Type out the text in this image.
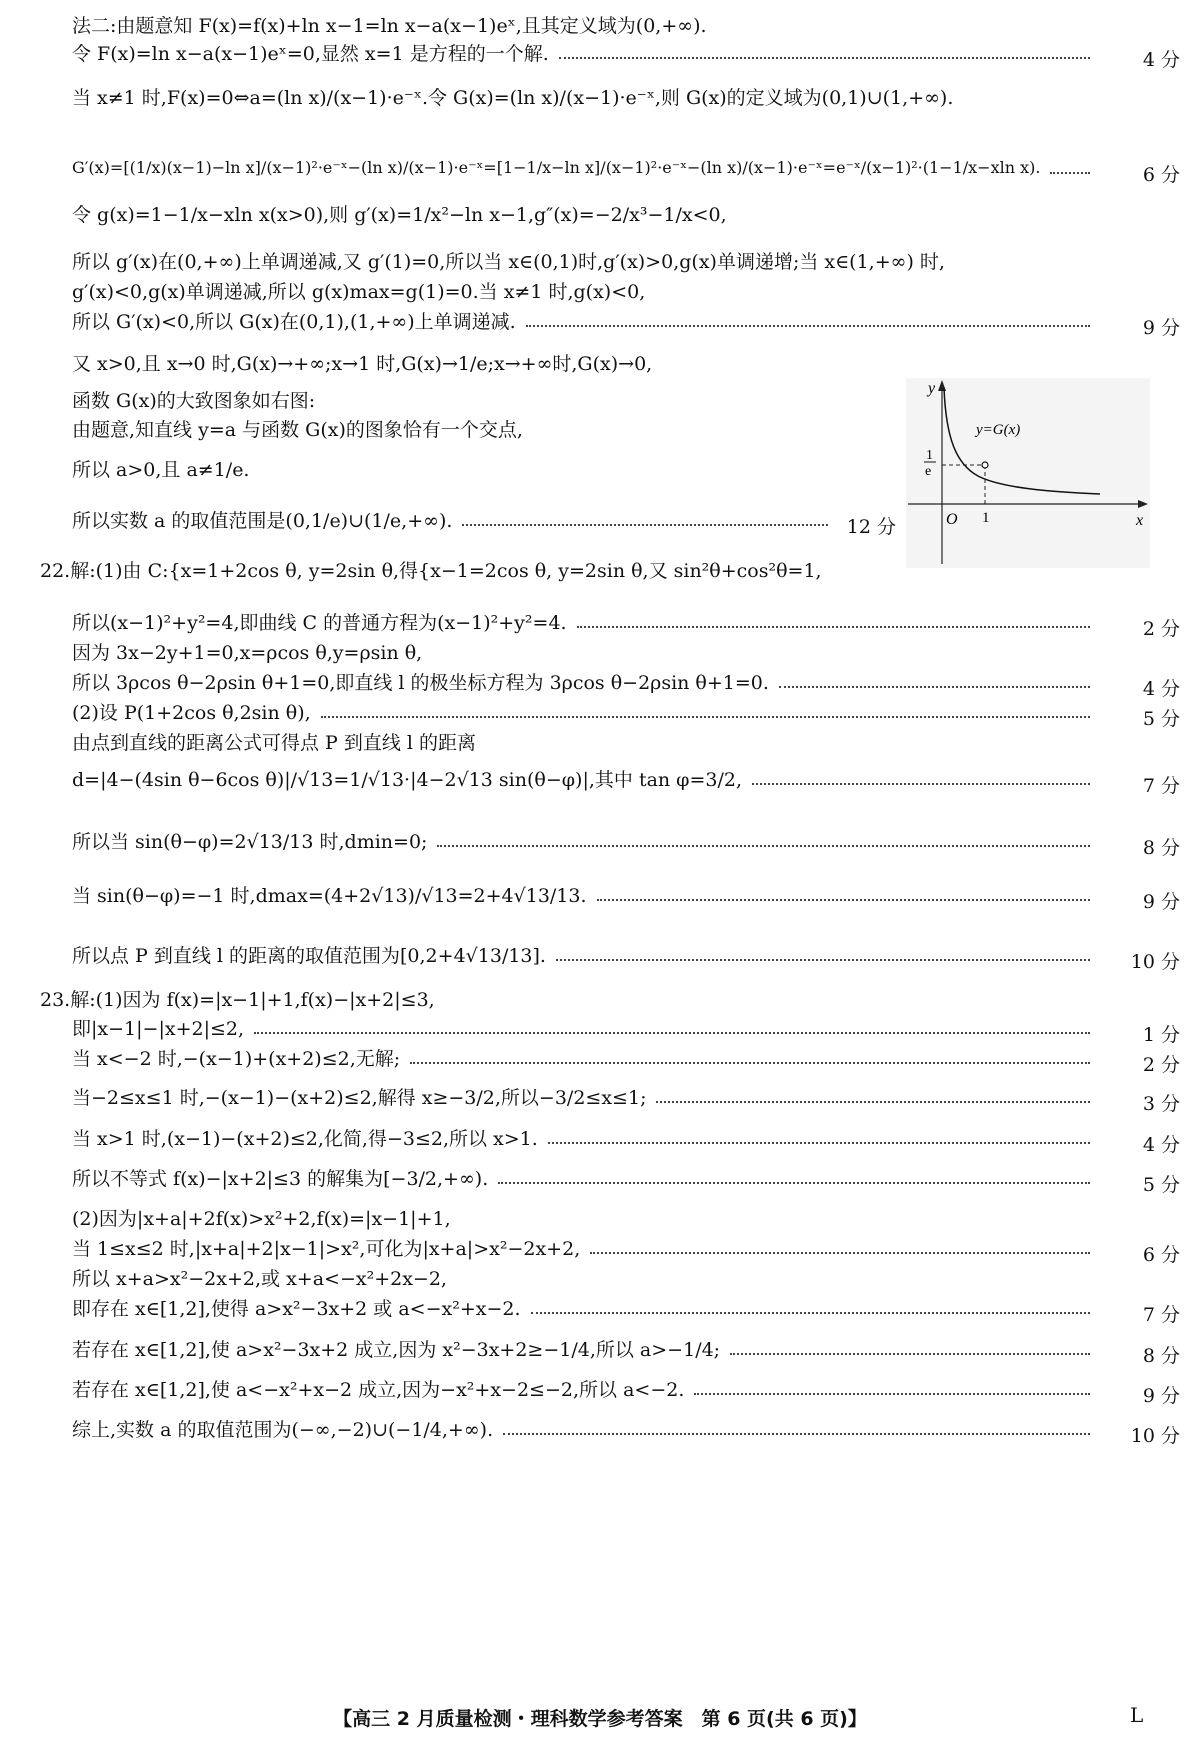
法二:由题意知 F(x)=f(x)+ln x−1=ln x−a(x−1)eˣ,且其定义域为(0,+∞).
令 F(x)=ln x−a(x−1)eˣ=0,显然 x=1 是方程的一个解.	4 分
当 x≠1 时,F(x)=0⇔a=(ln x)/(x−1)·e⁻ˣ.令 G(x)=(ln x)/(x−1)·e⁻ˣ,则 G(x)的定义域为(0,1)∪(1,+∞).
G′(x)=[(1/x)(x−1)−ln x]/(x−1)²·e⁻ˣ−(ln x)/(x−1)·e⁻ˣ=[1−1/x−ln x]/(x−1)²·e⁻ˣ−(ln x)/(x−1)·e⁻ˣ=e⁻ˣ/(x−1)²·(1−1/x−xln x).	6 分
令 g(x)=1−1/x−xln x(x>0),则 g′(x)=1/x²−ln x−1,g″(x)=−2/x³−1/x<0,
所以 g′(x)在(0,+∞)上单调递减,又 g′(1)=0,所以当 x∈(0,1)时,g′(x)>0,g(x)单调递增;当 x∈(1,+∞) 时,
g′(x)<0,g(x)单调递减,所以 g(x)max=g(1)=0.当 x≠1 时,g(x)<0,
所以 G′(x)<0,所以 G(x)在(0,1),(1,+∞)上单调递减.	9 分
又 x>0,且 x→0 时,G(x)→+∞;x→1 时,G(x)→1/e;x→+∞时,G(x)→0,
函数 G(x)的大致图象如右图:
由题意,知直线 y=a 与函数 G(x)的图象恰有一个交点,
所以 a>0,且 a≠1/e.
所以实数 a 的取值范围是(0,1/e)∪(1/e,+∞).	12 分
22.解:(1)由 C:{x=1+2cos θ, y=2sin θ,得{x−1=2cos θ, y=2sin θ,又 sin²θ+cos²θ=1,
所以(x−1)²+y²=4,即曲线 C 的普通方程为(x−1)²+y²=4.	2 分
因为 3x−2y+1=0,x=ρcos θ,y=ρsin θ,
所以 3ρcos θ−2ρsin θ+1=0,即直线 l 的极坐标方程为 3ρcos θ−2ρsin θ+1=0.	4 分
(2)设 P(1+2cos θ,2sin θ),	5 分
由点到直线的距离公式可得点 P 到直线 l 的距离
d=|4−(4sin θ−6cos θ)|/√13=1/√13·|4−2√13 sin(θ−φ)|,其中 tan φ=3/2,	7 分
所以当 sin(θ−φ)=2√13/13 时,dmin=0;	8 分
当 sin(θ−φ)=−1 时,dmax=(4+2√13)/√13=2+4√13/13.	9 分
所以点 P 到直线 l 的距离的取值范围为[0,2+4√13/13].	10 分
23.解:(1)因为 f(x)=|x−1|+1,f(x)−|x+2|≤3,
即|x−1|−|x+2|≤2,	1 分
当 x<−2 时,−(x−1)+(x+2)≤2,无解;	2 分
当−2≤x≤1 时,−(x−1)−(x+2)≤2,解得 x≥−3/2,所以−3/2≤x≤1;	3 分
当 x>1 时,(x−1)−(x+2)≤2,化简,得−3≤2,所以 x>1.	4 分
所以不等式 f(x)−|x+2|≤3 的解集为[−3/2,+∞).	5 分
(2)因为|x+a|+2f(x)>x²+2,f(x)=|x−1|+1,
当 1≤x≤2 时,|x+a|+2|x−1|>x²,可化为|x+a|>x²−2x+2,	6 分
所以 x+a>x²−2x+2,或 x+a<−x²+2x−2,
即存在 x∈[1,2],使得 a>x²−3x+2 或 a<−x²+x−2.	7 分
若存在 x∈[1,2],使 a>x²−3x+2 成立,因为 x²−3x+2≥−1/4,所以 a>−1/4;	8 分
若存在 x∈[1,2],使 a<−x²+x−2 成立,因为−x²+x−2≤−2,所以 a<−2.	9 分
综上,实数 a 的取值范围为(−∞,−2)∪(−1/4,+∞).	10 分
y
x
O 1
1
e
y=G(x)
【高三 2 月质量检测・理科数学参考答案　第 6 页(共 6 页)】	L
